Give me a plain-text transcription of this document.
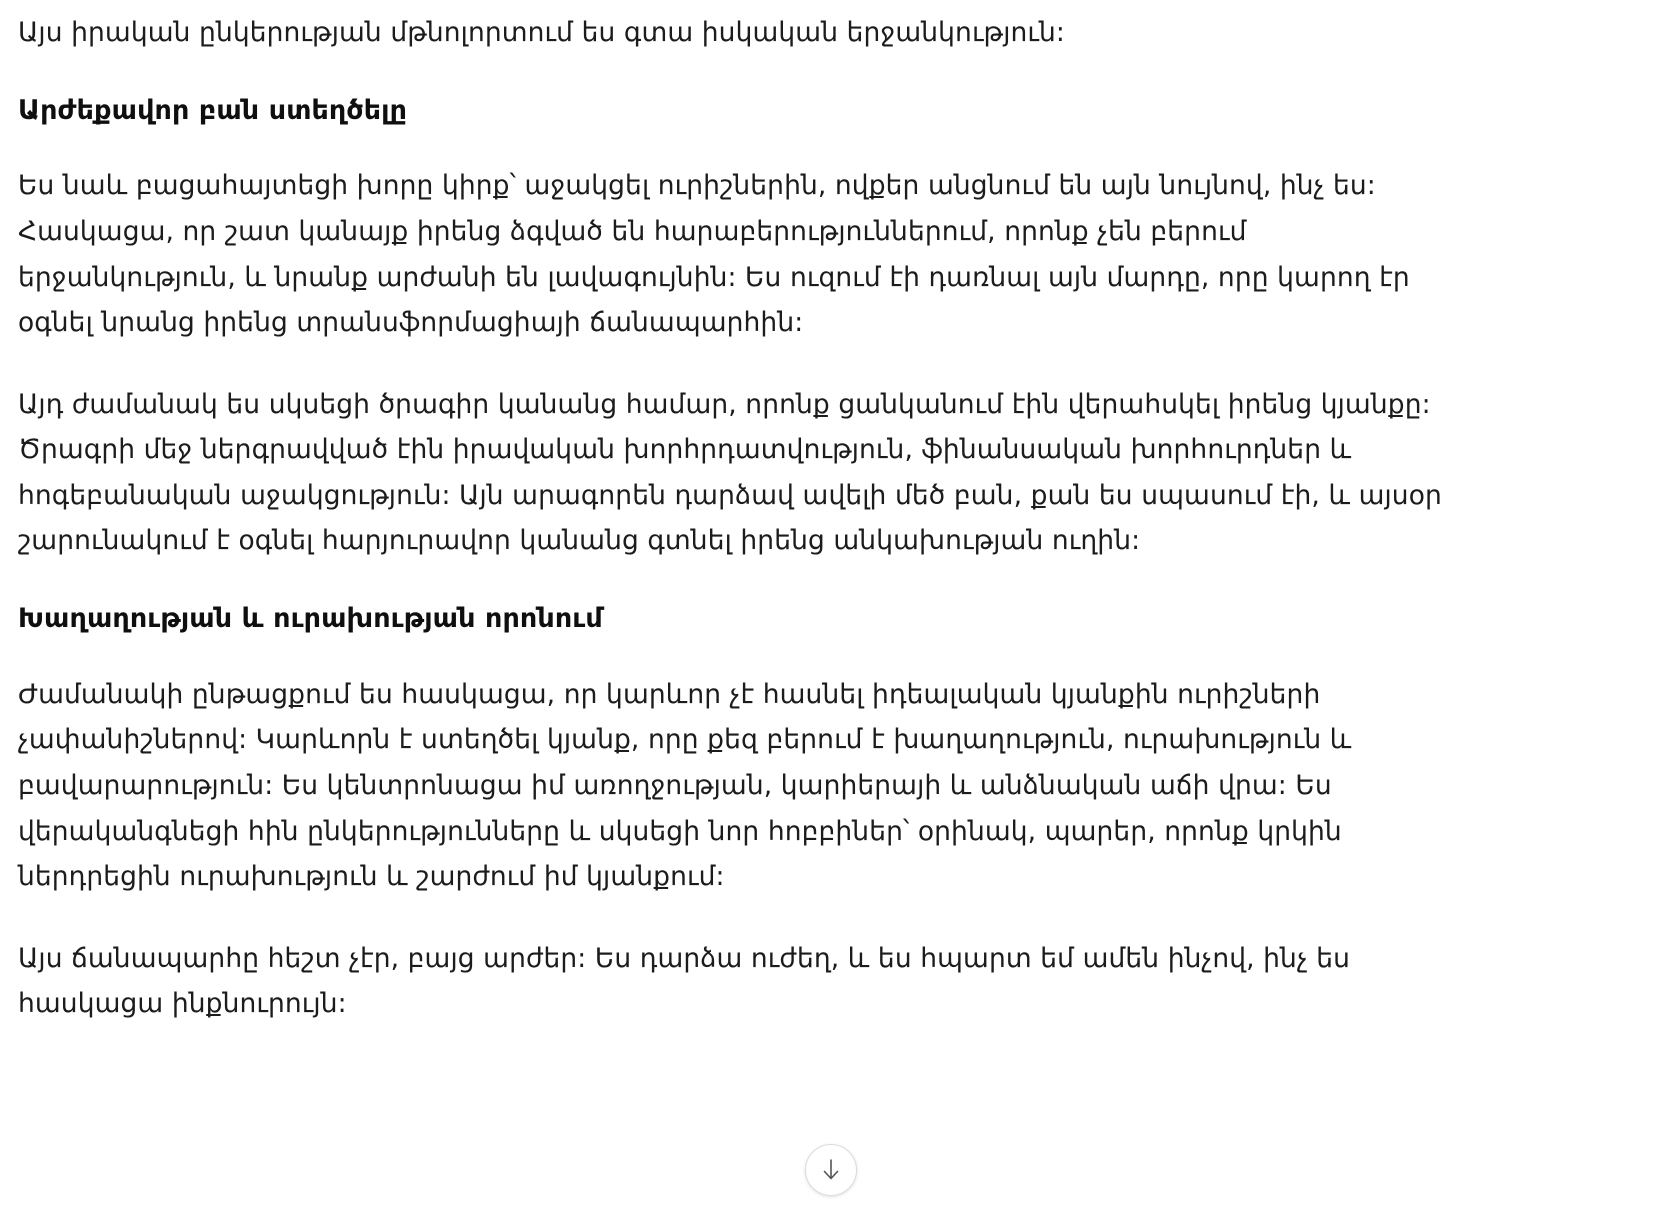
Այս իրական ընկերության մթնոլորտում ես գտա իսկական երջանկություն:

Արժեքավոր բան ստեղծելը

Ես նաև բացահայտեցի խորը կիրք՝ աջակցել ուրիշներին, ովքեր անցնում են այն նույնով, ինչ ես: Հասկացա, որ շատ կանայք իրենց ձգված են հարաբերություններում, որոնք չեն բերում երջանկություն, և նրանք արժանի են լավագույնին: Ես ուզում էի դառնալ այն մարդը, որը կարող էր օգնել նրանց իրենց տրանսֆորմացիայի ճանապարհին:

Այդ ժամանակ ես սկսեցի ծրագիր կանանց համար, որոնք ցանկանում էին վերահսկել իրենց կյանքը: Ծրագրի մեջ ներգրավված էին իրավական խորհրդատվություն, ֆինանսական խորհուրդներ և հոգեբանական աջակցություն: Այն արագորեն դարձավ ավելի մեծ բան, քան ես սպասում էի, և այսօր շարունակում է օգնել հարյուրավոր կանանց գտնել իրենց անկախության ուղին:

Խաղաղության և ուրախության որոնում

Ժամանակի ընթացքում ես հասկացա, որ կարևոր չէ հասնել իդեալական կյանքին ուրիշների չափանիշներով: Կարևորն է ստեղծել կյանք, որը քեզ բերում է խաղաղություն, ուրախություն և բավարարություն: Ես կենտրոնացա իմ առողջության, կարիերայի և անձնական աճի վրա: Ես վերականգնեցի հին ընկերությունները և սկսեցի նոր հոբբիներ՝ օրինակ, պարեր, որոնք կրկին ներդրեցին ուրախություն և շարժում իմ կյանքում:

Այս ճանապարհը հեշտ չէր, բայց արժեր: Ես դարձա ուժեղ, և ես հպարտ եմ ամեն ինչով, ինչ ես հասկացա ինքնուրույն:
